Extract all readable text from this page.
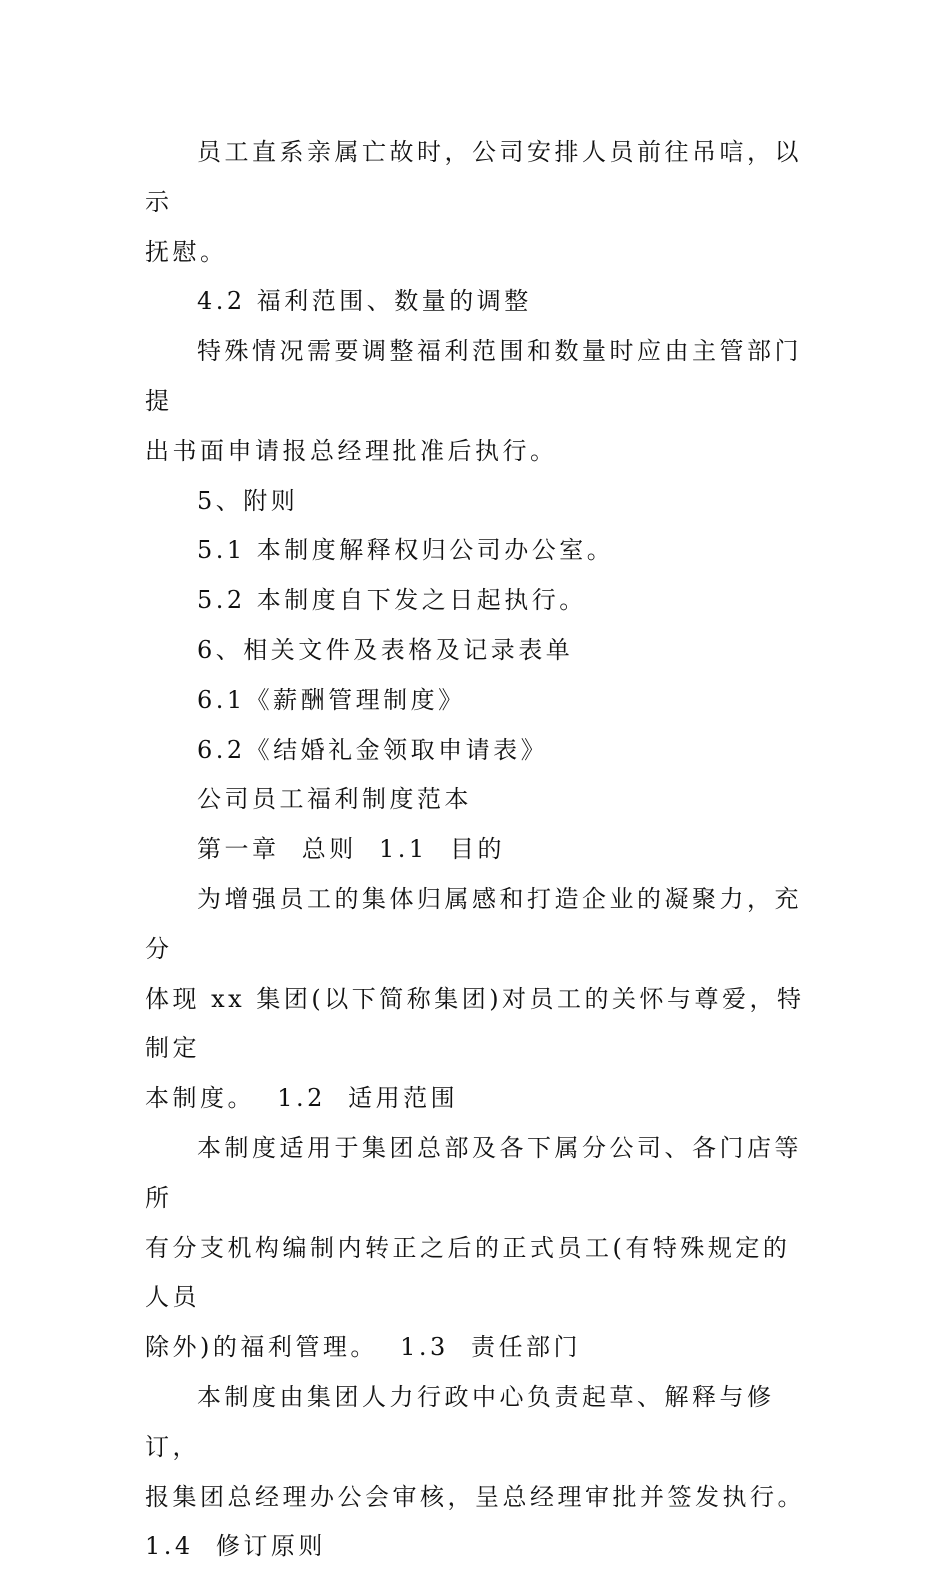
员工直系亲属亡故时，公司安排人员前往吊唁，以示

抚慰。

4.2 福利范围、数量的调整

特殊情况需要调整福利范围和数量时应由主管部门提

出书面申请报总经理批准后执行。

5、附则

5.1 本制度解释权归公司办公室。

5.2 本制度自下发之日起执行。

6、相关文件及表格及记录表单

6.1《薪酬管理制度》

6.2《结婚礼金领取申请表》

公司员工福利制度范本

第一章  总则  1.1  目的

为增强员工的集体归属感和打造企业的凝聚力，充分

体现 xx 集团(以下简称集团)对员工的关怀与尊爱，特制定

本制度。  1.2  适用范围

本制度适用于集团总部及各下属分公司、各门店等所

有分支机构编制内转正之后的正式员工(有特殊规定的人员

除外)的福利管理。  1.3  责任部门

本制度由集团人力行政中心负责起草、解释与修订，

报集团总经理办公会审核，呈总经理审批并签发执行。

1.4  修订原则
